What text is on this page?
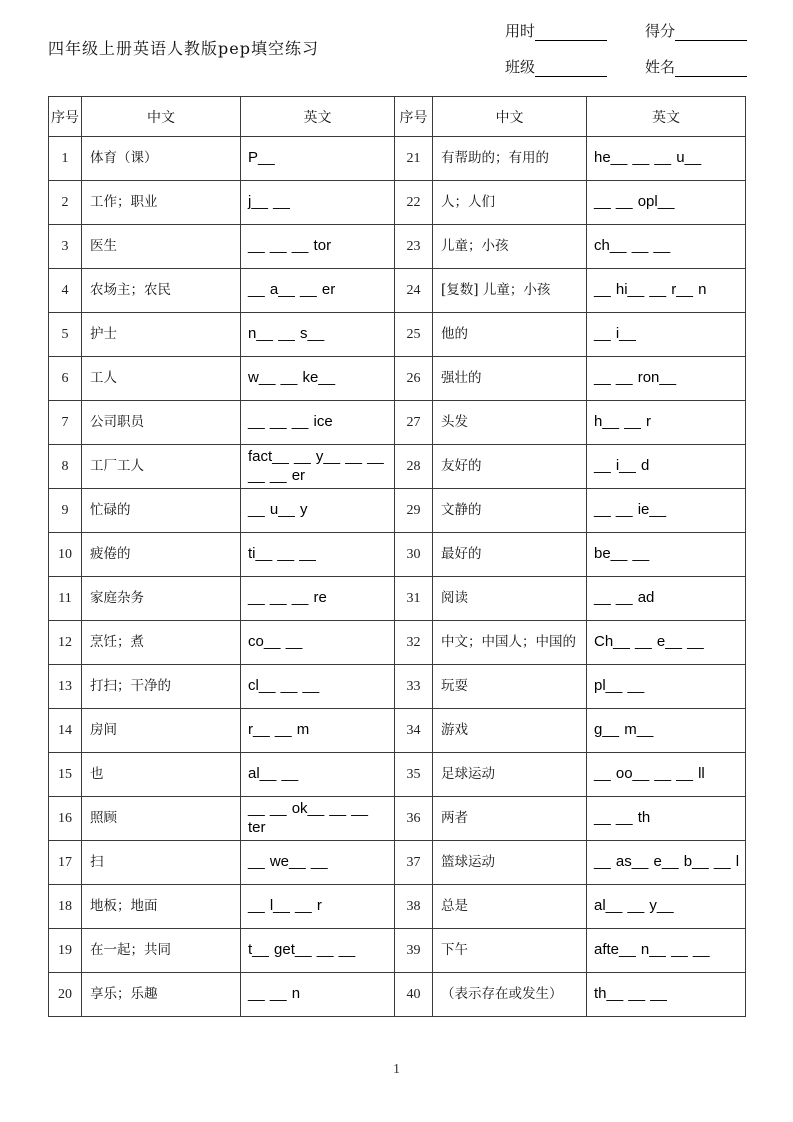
四年级上册英语人教版pep填空练习
用时	得分
班级	姓名
序号	中文	英文	序号	中文	英文
1	体育（课）	P__	21	有帮助的；有用的	he__ __ __ u__
2	工作；职业	j__ __	22	人；人们	__ __ opl__
3	医生	__ __ __ tor	23	儿童；小孩	ch__ __ __
4	农场主；农民	__ a__ __ er	24	[复数] 儿童；小孩	__ hi__ __ r__ n
5	护士	n__ __ s__	25	他的	__ i__
6	工人	w__ __ ke__	26	强壮的	__ __ ron__
7	公司职员	__ __ __ ice	27	头发	h__ __ r
8	工厂工人	fact__ __ y__ __ __ __ __ er	28	友好的	__ i__ d
9	忙碌的	__ u__ y	29	文静的	__ __ ie__
10	疲倦的	ti__ __ __	30	最好的	be__ __
11	家庭杂务	__ __ __ re	31	阅读	__ __ ad
12	烹饪；煮	co__ __	32	中文；中国人；中国的	Ch__ __ e__ __
13	打扫；干净的	cl__ __ __	33	玩耍	pl__ __
14	房间	r__ __ m	34	游戏	g__ m__
15	也	al__ __	35	足球运动	__ oo__ __ __ ll
16	照顾	__ __ ok__ __ __ ter	36	两者	__ __ th
17	扫	__ we__ __	37	篮球运动	__ as__ e__ b__ __ l
18	地板；地面	__ l__ __ r	38	总是	al__ __ y__
19	在一起；共同	t__ get__ __ __	39	下午	afte__ n__ __ __
20	享乐；乐趣	__ __ n	40	（表示存在或发生）	th__ __ __
1
